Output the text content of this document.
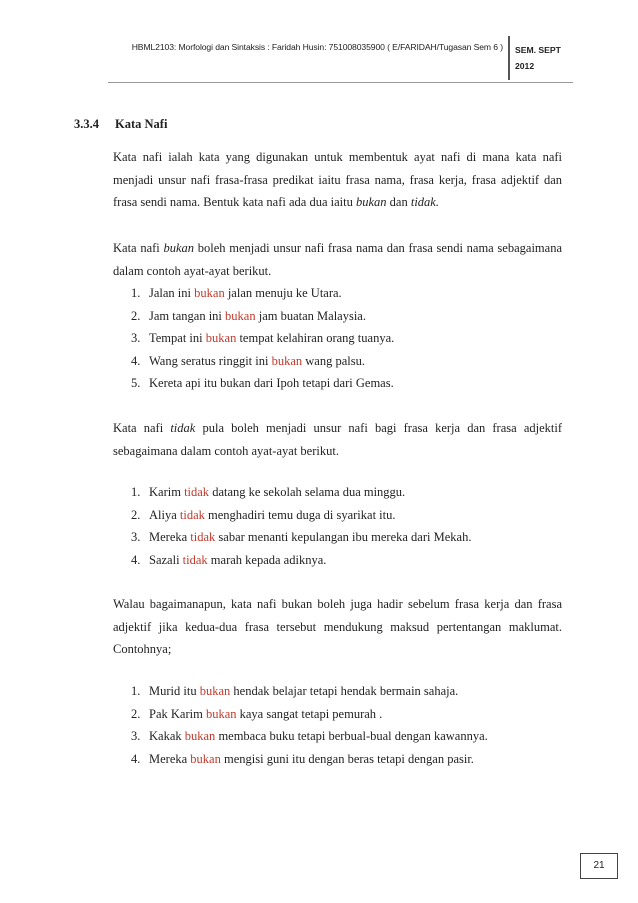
HBML2103: Morfologi dan Sintaksis : Faridah Husin: 751008035900 ( E/FARIDAH/Tugasan Sem 6 ) SEM. SEPT
2012
3.3.4 Kata Nafi
Kata nafi ialah kata yang digunakan untuk membentuk ayat nafi di mana kata nafi menjadi unsur nafi frasa-frasa predikat iaitu frasa nama, frasa kerja, frasa adjektif dan frasa sendi nama. Bentuk kata nafi ada dua iaitu bukan dan tidak.
Kata nafi bukan boleh menjadi unsur nafi frasa nama dan frasa sendi nama sebagaimana dalam contoh ayat-ayat berikut.
1. Jalan ini bukan jalan menuju ke Utara.
2. Jam tangan ini bukan jam buatan Malaysia.
3. Tempat ini bukan tempat kelahiran orang tuanya.
4. Wang seratus ringgit ini bukan wang palsu.
5. Kereta api itu bukan dari Ipoh tetapi dari Gemas.
Kata nafi tidak pula boleh menjadi unsur nafi bagi frasa kerja dan frasa adjektif sebagaimana dalam contoh ayat-ayat berikut.
1. Karim tidak datang ke sekolah selama dua minggu.
2. Aliya tidak menghadiri temu duga di syarikat itu.
3. Mereka tidak sabar menanti kepulangan ibu mereka dari Mekah.
4. Sazali tidak marah kepada adiknya.
Walau bagaimanapun, kata nafi bukan boleh juga hadir sebelum frasa kerja dan frasa adjektif jika kedua-dua frasa tersebut mendukung maksud pertentangan maklumat. Contohnya;
1. Murid itu bukan hendak belajar tetapi hendak bermain sahaja.
2. Pak Karim bukan kaya sangat tetapi pemurah .
3. Kakak bukan membaca buku tetapi berbual-bual dengan kawannya.
4. Mereka bukan mengisi guni itu dengan beras tetapi dengan pasir.
21
